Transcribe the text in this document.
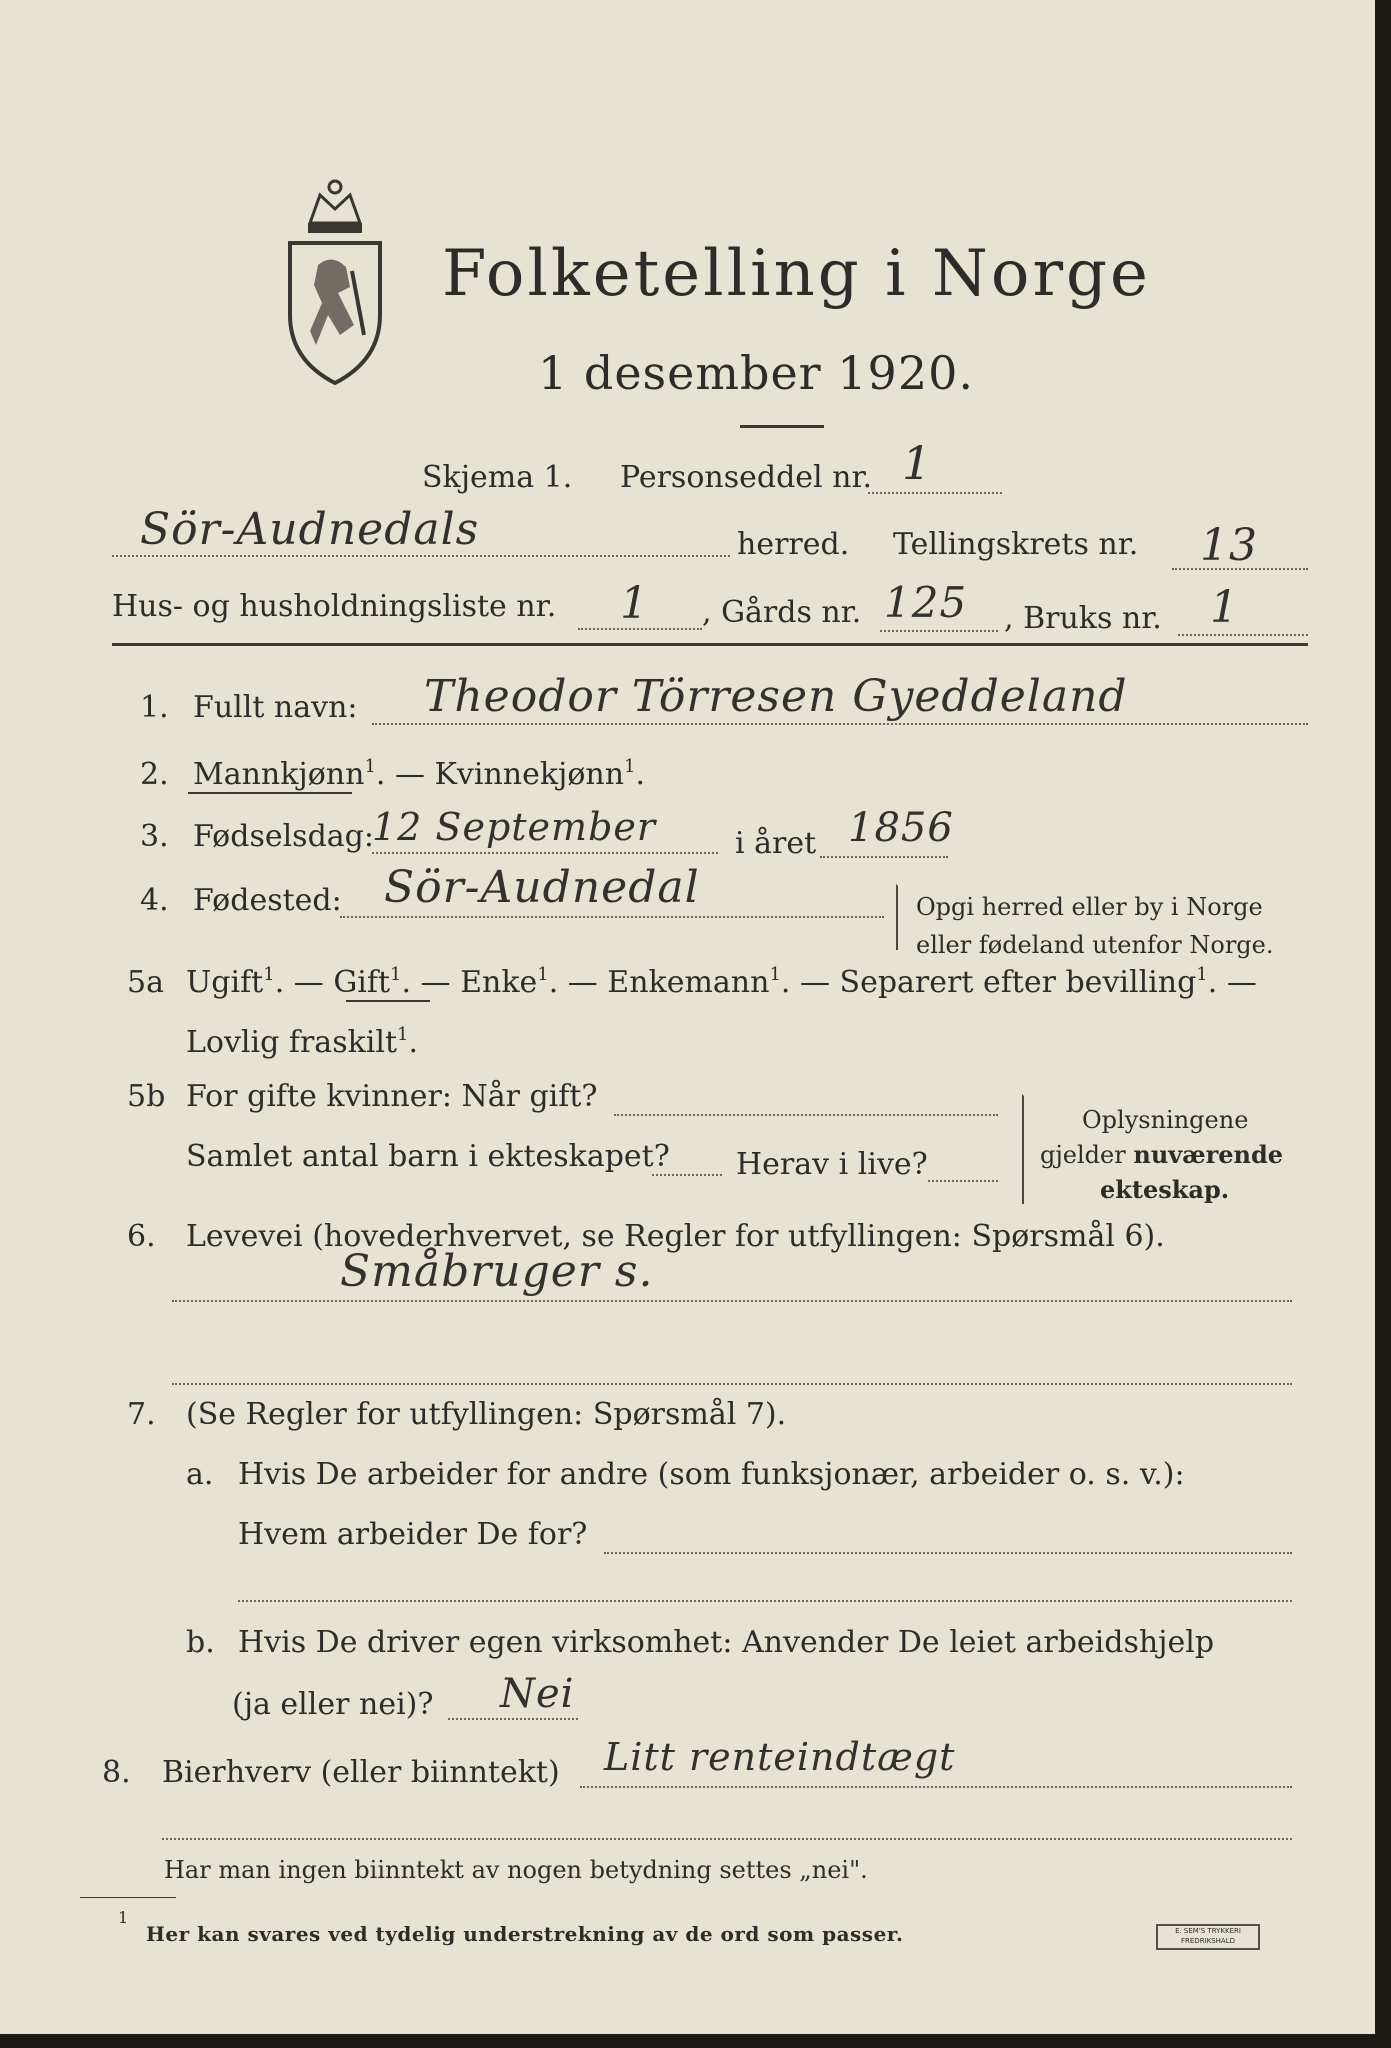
Folketelling i Norge
1 desember 1920.
Skjema 1. Personseddel nr. 1
Sör-Audnedals	herred. Tellingskrets nr. 13
Hus- og husholdningsliste nr. 1 , Gårds nr. 125 , Bruks nr. 1
1. Fullt navn: Theodor Törresen Gyeddeland
2. Mannkjønn$^1$. — Kvinnekjønn$^1$.
3. Fødselsdag:
12 September	i året 1856
4. Fødested: Sör-Audnedal	Opgi herred eller by i Norge
eller fødeland utenfor Norge.
5a Ugift$^1$. — Gift$^1$. — Enke$^1$. — Enkemann$^1$. — Separert efter bevilling$^1$. —
Lovlig fraskilt$^1$.
5b For gifte kvinner: Når gift?
Samlet antal barn i ekteskapet? Herav i live?
Oplysningene
gjelder nuværende
ekteskap.
6. Levevei (hovederhvervet, se Regler for utfyllingen: Spørsmål 6).
Småbruger s.
7. (Se Regler for utfyllingen: Spørsmål 7).
a. Hvis De arbeider for andre (som funksjonær, arbeider o. s. v.):
Hvem arbeider De for?
b. Hvis De driver egen virksomhet: Anvender De leiet arbeidshjelp
(ja eller nei)? Nei
8. Bierhverv (eller biinntekt) Litt renteindtægt
Har man ingen biinntekt av nogen betydning settes „nei".
1
Her kan svares ved tydelig understrekning av de ord som passer.	E. SEM'S TRYKKERI
FREDRIKSHALD
